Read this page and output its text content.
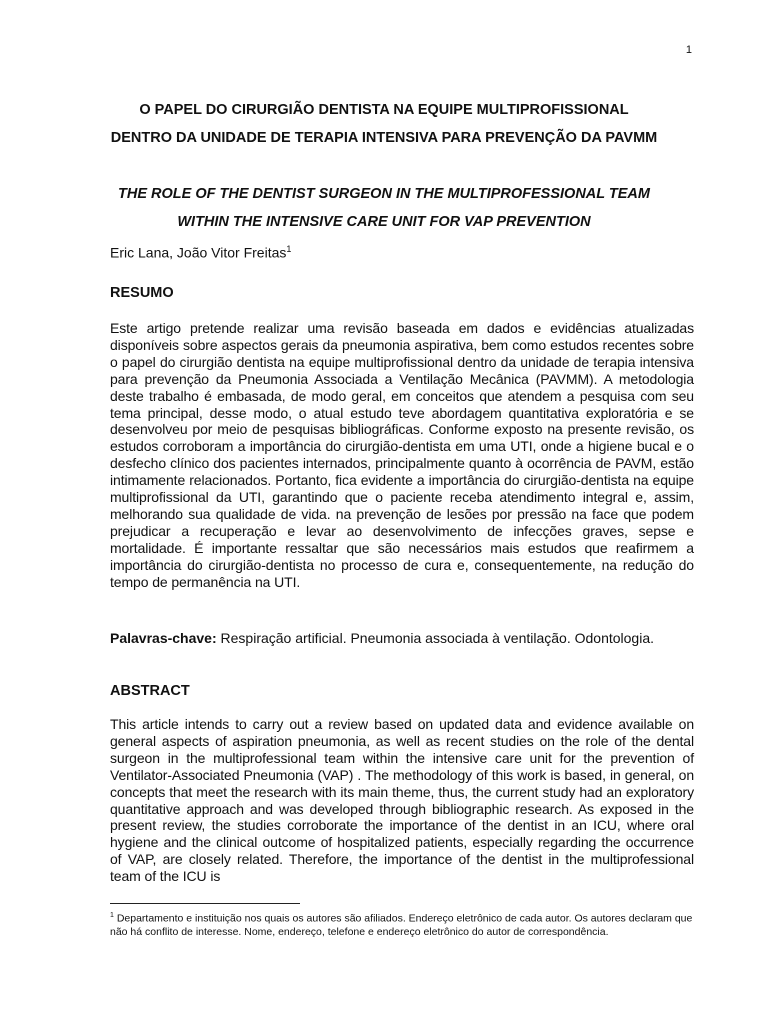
1
O PAPEL DO CIRURGIÃO DENTISTA NA EQUIPE MULTIPROFISSIONAL DENTRO DA UNIDADE DE TERAPIA INTENSIVA PARA PREVENÇÃO DA PAVMM
THE ROLE OF THE DENTIST SURGEON IN THE MULTIPROFESSIONAL TEAM WITHIN THE INTENSIVE CARE UNIT FOR VAP PREVENTION
Eric Lana, João Vitor Freitas$^1$
RESUMO
Este artigo pretende realizar uma revisão baseada em dados e evidências atualizadas disponíveis sobre aspectos gerais da pneumonia aspirativa, bem como estudos recentes sobre o papel do cirurgião dentista na equipe multiprofissional dentro da unidade de terapia intensiva para prevenção da Pneumonia Associada a Ventilação Mecânica (PAVMM). A metodologia deste trabalho é embasada, de modo geral, em conceitos que atendem a pesquisa com seu tema principal, desse modo, o atual estudo teve abordagem quantitativa exploratória e se desenvolveu por meio de pesquisas bibliográficas. Conforme exposto na presente revisão, os estudos corroboram a importância do cirurgião-dentista em uma UTI, onde a higiene bucal e o desfecho clínico dos pacientes internados, principalmente quanto à ocorrência de PAVM, estão intimamente relacionados. Portanto, fica evidente a importância do cirurgião-dentista na equipe multiprofissional da UTI, garantindo que o paciente receba atendimento integral e, assim, melhorando sua qualidade de vida. na prevenção de lesões por pressão na face que podem prejudicar a recuperação e levar ao desenvolvimento de infecções graves, sepse e mortalidade. É importante ressaltar que são necessários mais estudos que reafirmem a importância do cirurgião-dentista no processo de cura e, consequentemente, na redução do tempo de permanência na UTI.
Palavras-chave: Respiração artificial. Pneumonia associada à ventilação. Odontologia.
ABSTRACT
This article intends to carry out a review based on updated data and evidence available on general aspects of aspiration pneumonia, as well as recent studies on the role of the dental surgeon in the multiprofessional team within the intensive care unit for the prevention of Ventilator-Associated Pneumonia (VAP) . The methodology of this work is based, in general, on concepts that meet the research with its main theme, thus, the current study had an exploratory quantitative approach and was developed through bibliographic research. As exposed in the present review, the studies corroborate the importance of the dentist in an ICU, where oral hygiene and the clinical outcome of hospitalized patients, especially regarding the occurrence of VAP, are closely related. Therefore, the importance of the dentist in the multiprofessional team of the ICU is
$^1$ Departamento e instituição nos quais os autores são afiliados. Endereço eletrônico de cada autor. Os autores declaram que não há conflito de interesse. Nome, endereço, telefone e endereço eletrônico do autor de correspondência.
